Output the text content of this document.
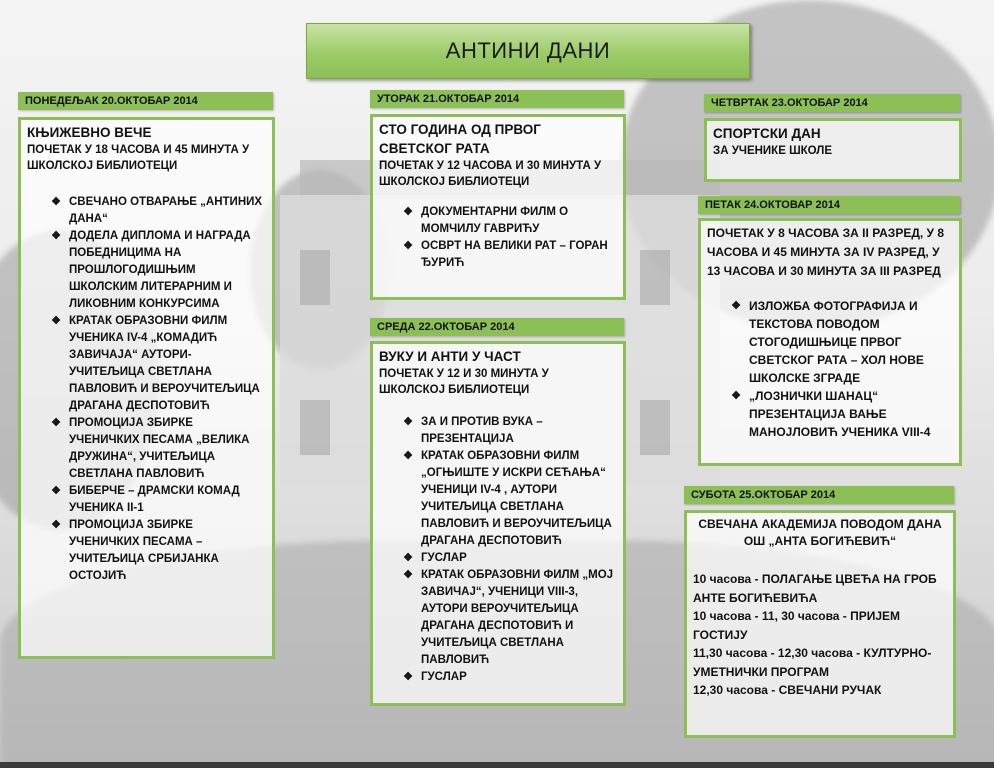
АНТИНИ ДАНИ
ПОНЕДЕЉАК 20.ОКТОБАР 2014
КЊИЖЕВНО ВЕЧЕ
ПОЧЕТАК У 18 ЧАСОВА И 45 МИНУТА У ШКОЛСКОЈ БИБЛИОТЕЦИ
❖ СВЕЧАНО ОТВАРАЊЕ „АНТИНИХ ДАНА“
❖ ДОДЕЛА ДИПЛОМА И НАГРАДА ПОБЕДНИЦИМА НА ПРОШЛОГОДИШЊИМ ШКОЛСКИМ ЛИТЕРАРНИМ И ЛИКОВНИМ КОНКУРСИМА
❖ КРАТАК ОБРАЗОВНИ ФИЛМ УЧЕНИКА IV-4 „КОМАДИЋ ЗАВИЧАЈА“ АУТОРИ- УЧИТЕЉИЦА СВЕТЛАНА ПАВЛОВИЋ И ВЕРОУЧИТЕЉИЦА ДРАГАНА ДЕСПОТОВИЋ
❖ ПРОМОЦИЈА ЗБИРКЕ УЧЕНИЧКИХ ПЕСАМА „ВЕЛИКА ДРУЖИНА“, УЧИТЕЉИЦА СВЕТЛАНА ПАВЛОВИЋ
❖ БИБЕРЧЕ – ДРАМСКИ КОМАД УЧЕНИКА II-1
❖ ПРОМОЦИЈА ЗБИРКЕ УЧЕНИЧКИХ ПЕСАМА – УЧИТЕЉИЦА СРБИЈАНКА ОСТОЈИЋ
УТОРАК 21.ОКТОБАР 2014
СТО ГОДИНА ОД ПРВОГ СВЕТСКОГ РАТА
ПОЧЕТАК У 12 ЧАСОВА И 30 МИНУТА У ШКОЛСКОЈ БИБЛИОТЕЦИ
❖ ДОКУМЕНТАРНИ ФИЛМ О МОМЧИЛУ ГАВРИЋУ
❖ ОСВРТ НА ВЕЛИКИ РАТ – ГОРАН ЂУРИЋ
СРЕДА 22.ОКТОБАР 2014
ВУКУ И АНТИ У ЧАСТ
ПОЧЕТАК У 12 И 30 МИНУТА У ШКОЛСКОЈ БИБЛИОТЕЦИ
❖ ЗА И ПРОТИВ ВУКА – ПРЕЗЕНТАЦИЈА
❖ КРАТАК ОБРАЗОВНИ ФИЛМ „ОГЊИШТЕ У ИСКРИ СЕЋАЊА“ УЧЕНИЦИ IV-4 , АУТОРИ УЧИТЕЉИЦА СВЕТЛАНА ПАВЛОВИЋ И ВЕРОУЧИТЕЉИЦА ДРАГАНА ДЕСПОТОВИЋ
❖ ГУСЛАР
❖ КРАТАК ОБРАЗОВНИ ФИЛМ „МОЈ ЗАВИЧАЈ“, УЧЕНИЦИ VIII-3, АУТОРИ ВЕРОУЧИТЕЉИЦА ДРАГАНА ДЕСПОТОВИЋ И УЧИТЕЉИЦА СВЕТЛАНА ПАВЛОВИЋ
❖ ГУСЛАР
ЧЕТВРТАК 23.ОКТОБАР 2014
СПОРТСКИ ДАН
ЗА УЧЕНИКЕ ШКОЛЕ
ПЕТАК 24.ОКТОВАР 2014
ПОЧЕТАК У 8 ЧАСОВА ЗА II РАЗРЕД, У 8 ЧАСОВА И 45 МИНУТА ЗА IV РАЗРЕД, У 13 ЧАСОВА И 30 МИНУТА ЗА III РАЗРЕД
❖ ИЗЛОЖБА ФОТОГРАФИЈА И ТЕКСТОВА ПОВОДОМ СТОГОДИШЊИЦЕ ПРВОГ СВЕТСКОГ РАТА – ХОЛ НОВЕ ШКОЛСКЕ ЗГРАДЕ
❖ „ЛОЗНИЧКИ ШАНАЦ“ ПРЕЗЕНТАЦИЈА ВАЊЕ МАНОЈЛОВИЋ УЧЕНИКА VIII-4
СУБОТА 25.ОКТОБАР 2014
СВЕЧАНА АКАДЕМИЈА ПОВОДОМ ДАНА
ОШ „АНТА БОГИЋЕВИЋ“
10 часова - ПОЛАГАЊЕ ЦВЕЋА НА ГРОБ АНТЕ БОГИЋЕВИЋА
10 часова - 11, 30 часова - ПРИЈЕМ ГОСТИЈУ
11,30 часова - 12,30 часова - КУЛТУРНО-УМЕТНИЧКИ ПРОГРАМ
12,30 часова - СВЕЧАНИ РУЧАК
